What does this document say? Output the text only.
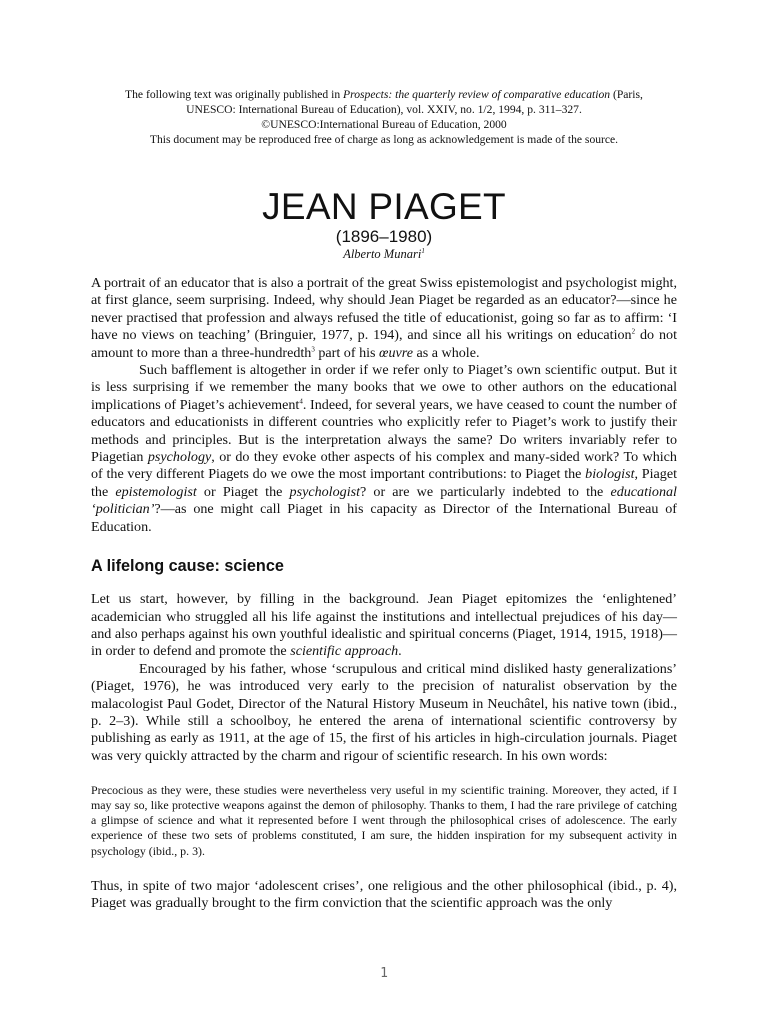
The following text was originally published in Prospects: the quarterly review of comparative education (Paris,
UNESCO: International Bureau of Education), vol. XXIV, no. 1/2, 1994, p. 311–327.
©UNESCO:International Bureau of Education, 2000
This document may be reproduced free of charge as long as acknowledgement is made of the source.
JEAN PIAGET
(1896–1980)
Alberto Munari$^1$

A portrait of an educator that is also a portrait of the great Swiss epistemologist and psychologist might, at first glance, seem surprising. Indeed, why should Jean Piaget be regarded as an educator?—since he never practised that profession and always refused the title of educationist, going so far as to affirm: ‘I have no views on teaching’ (Bringuier, 1977, p. 194), and since all his writings on education$^2$ do not amount to more than a three-hundredth$^3$ part of his œuvre as a whole.

Such bafflement is altogether in order if we refer only to Piaget’s own scientific output. But it is less surprising if we remember the many books that we owe to other authors on the educational implications of Piaget’s achievement$^4$. Indeed, for several years, we have ceased to count the number of educators and educationists in different countries who explicitly refer to Piaget’s work to justify their methods and principles. But is the interpretation always the same? Do writers invariably refer to Piagetian psychology, or do they evoke other aspects of his complex and many-sided work? To which of the very different Piagets do we owe the most important contributions: to Piaget the biologist, Piaget the epistemologist or Piaget the psychologist? or are we particularly indebted to the educational ‘politician’?—as one might call Piaget in his capacity as Director of the International Bureau of Education.

A lifelong cause: science

Let us start, however, by filling in the background. Jean Piaget epitomizes the ‘enlightened’ academician who struggled all his life against the institutions and intellectual prejudices of his day—and also perhaps against his own youthful idealistic and spiritual concerns (Piaget, 1914, 1915, 1918)—in order to defend and promote the scientific approach.

Encouraged by his father, whose ‘scrupulous and critical mind disliked hasty generalizations’ (Piaget, 1976), he was introduced very early to the precision of naturalist observation by the malacologist Paul Godet, Director of the Natural History Museum in Neuchâtel, his native town (ibid., p. 2–3). While still a schoolboy, he entered the arena of international scientific controversy by publishing as early as 1911, at the age of 15, the first of his articles in high-circulation journals. Piaget was very quickly attracted by the charm and rigour of scientific research. In his own words:

Precocious as they were, these studies were nevertheless very useful in my scientific training. Moreover, they acted, if I may say so, like protective weapons against the demon of philosophy. Thanks to them, I had the rare privilege of catching a glimpse of science and what it represented before I went through the philosophical crises of adolescence. The early experience of these two sets of problems constituted, I am sure, the hidden inspiration for my subsequent activity in psychology (ibid., p. 3).

Thus, in spite of two major ‘adolescent crises’, one religious and the other philosophical (ibid., p. 4), Piaget was gradually brought to the firm conviction that the scientific approach was the only

1
